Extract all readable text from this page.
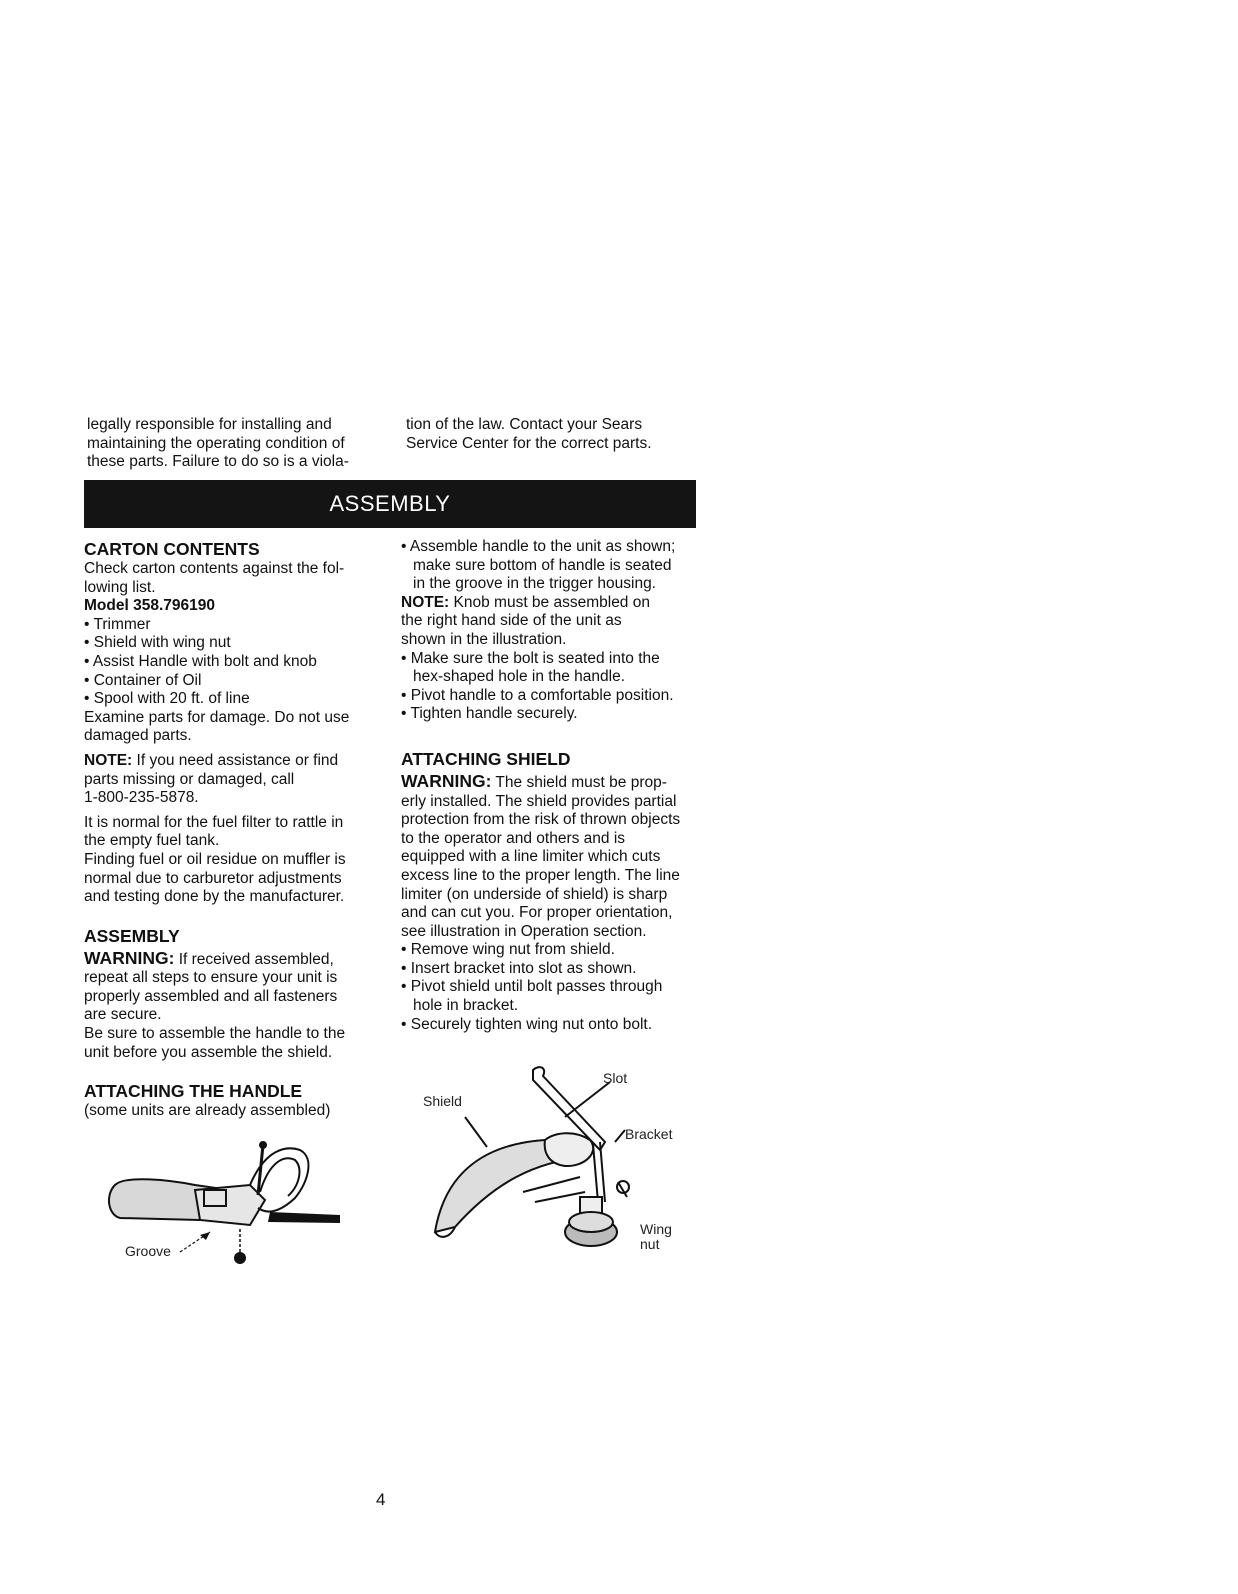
legally responsible for installing and

maintaining the operating condition of

these parts. Failure to do so is a viola-

tion of the law. Contact your Sears

Service Center for the correct parts.

ASSEMBLY

CARTON CONTENTS

Check carton contents against the fol-

lowing list.

Model 358.796190

• Trimmer

• Shield with wing nut

• Assist Handle with bolt and knob

• Container of Oil

• Spool with 20 ft. of line

Examine parts for damage. Do not use

damaged parts.

NOTE: If you need assistance or find

parts missing or damaged, call

1-800-235-5878.

It is normal for the fuel filter to rattle in

the empty fuel tank.

Finding fuel or oil residue on muffler is

normal due to carburetor adjustments

and testing done by the manufacturer.

ASSEMBLY

WARNING: If received assembled,

repeat all steps to ensure your unit is

properly assembled and all fasteners

are secure.

Be sure to assemble the handle to the

unit before you assemble the shield.

ATTACHING THE HANDLE

(some units are already assembled)

Groove

• Assemble handle to the unit as shown;

make sure bottom of handle is seated

in the groove in the trigger housing.

NOTE: Knob must be assembled on

the right hand side of the unit as

shown in the illustration.

• Make sure the bolt is seated into the

hex-shaped hole in the handle.

• Pivot handle to a comfortable position.

• Tighten handle securely.

ATTACHING SHIELD

WARNING: The shield must be prop-

erly installed. The shield provides partial

protection from the risk of thrown objects

to the operator and others and is

equipped with a line limiter which cuts

excess line to the proper length. The line

limiter (on underside of shield) is sharp

and can cut you. For proper orientation,

see illustration in Operation section.

• Remove wing nut from shield.

• Insert bracket into slot as shown.

• Pivot shield until bolt passes through

hole in bracket.

• Securely tighten wing nut onto bolt.

Slot
Shield
Bracket
Wing
nut
4
